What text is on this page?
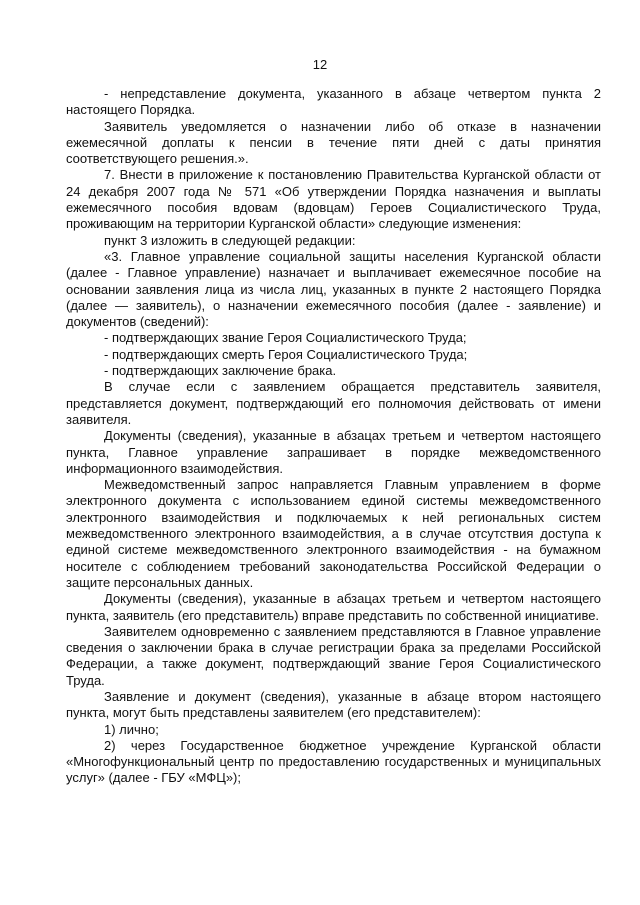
12

- непредставление документа, указанного в абзаце четвертом пункта 2 настоящего Порядка.

Заявитель уведомляется о назначении либо об отказе в назначении ежемесячной доплаты к пенсии в течение пяти дней с даты принятия соответствующего решения.».

7. Внести в приложение к постановлению Правительства Курганской области от 24 декабря 2007 года № 571 «Об утверждении Порядка назначения и выплаты ежемесячного пособия вдовам (вдовцам) Героев Социалистического Труда, проживающим на территории Курганской области» следующие изменения:

пункт 3 изложить в следующей редакции:

«3. Главное управление социальной защиты населения Курганской области (далее - Главное управление) назначает и выплачивает ежемесячное пособие на основании заявления лица из числа лиц, указанных в пункте 2 настоящего Порядка (далее — заявитель), о назначении ежемесячного пособия (далее - заявление) и документов (сведений):

- подтверждающих звание Героя Социалистического Труда;

- подтверждающих смерть Героя Социалистического Труда;

- подтверждающих заключение брака.

В случае если с заявлением обращается представитель заявителя, представляется документ, подтверждающий его полномочия действовать от имени заявителя.

Документы (сведения), указанные в абзацах третьем и четвертом настоящего пункта, Главное управление запрашивает в порядке межведомственного информационного взаимодействия.

Межведомственный запрос направляется Главным управлением в форме электронного документа с использованием единой системы межведомственного электронного взаимодействия и подключаемых к ней региональных систем межведомственного электронного взаимодействия, а в случае отсутствия доступа к единой системе межведомственного электронного взаимодействия - на бумажном носителе с соблюдением требований законодательства Российской Федерации о защите персональных данных.

Документы (сведения), указанные в абзацах третьем и четвертом настоящего пункта, заявитель (его представитель) вправе представить по собственной инициативе.

Заявителем одновременно с заявлением представляются в Главное управление сведения о заключении брака в случае регистрации брака за пределами Российской Федерации, а также документ, подтверждающий звание Героя Социалистического Труда.

Заявление и документ (сведения), указанные в абзаце втором настоящего пункта, могут быть представлены заявителем (его представителем):

1) лично;

2) через Государственное бюджетное учреждение Курганской области «Многофункциональный центр по предоставлению государственных и муниципальных услуг» (далее - ГБУ «МФЦ»);
